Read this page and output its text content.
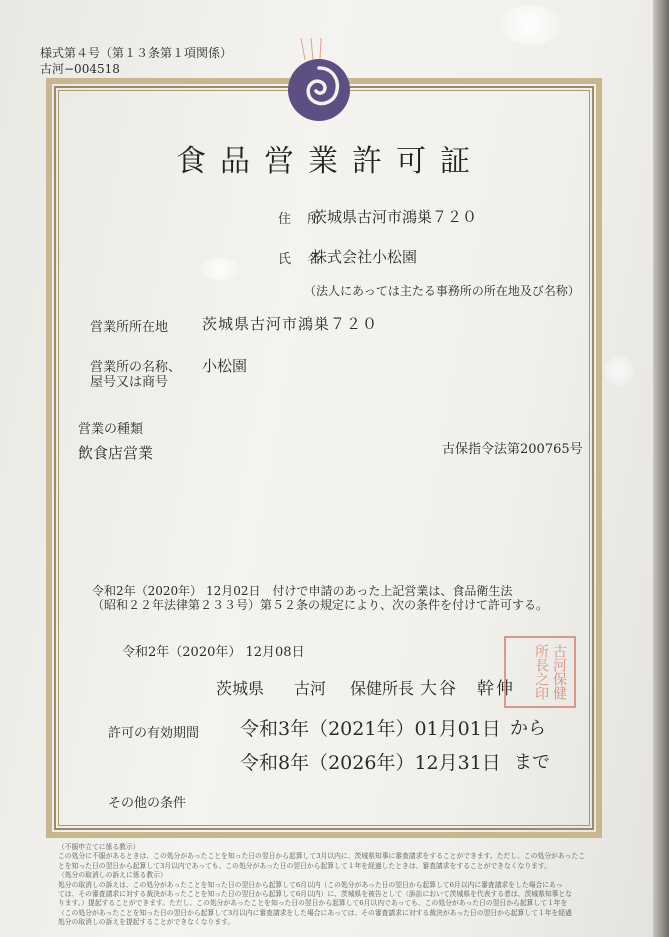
様式第４号（第１３条第１項関係）
古河−004518
食品営業許可証
住 所
茨城県古河市鴻巣７２０
氏 名
株式会社小松園
（法人にあっては主たる事務所の所在地及び名称）
営業所所在地 茨城県古河市鴻巣７２０
営業所の名称、
屋号又は商号
小松園
営業の種類
飲食店営業	古保指令法第200765号
令和2年（2020年） 12月02日　付けで申請のあった上記営業は、食品衛生法
（昭和２２年法律第２３３号）第５２条の規定により、次の条件を付けて許可する。
令和2年（2020年） 12月08日
茨城県 古河 保健所長 大谷　幹伸	古河保健所長之印
許可の有効期間 令和3年（2021年）01月01日 から
令和8年（2026年）12月31日 まで
その他の条件

（不服申立てに係る教示）

この処分に不服があるときは、この処分があったことを知った日の翌日から起算して3月以内に、茨城県知事に審査請求をすることができます。ただし、この処分があったこ

とを知った日の翌日から起算して3月以内であっても、この処分があった日の翌日から起算して１年を経過したときは、審査請求をすることができなくなります。

（処分の取消しの訴えに係る教示）

処分の取消しの訴えは、この処分があったことを知った日の翌日から起算して6月以内（この処分があった日の翌日から起算して6月以内に審査請求をした場合にあっ

ては、その審査請求に対する裁決があったことを知った日の翌日から起算して6月以内）に、茨城県を被告として（訴訟において茨城県を代表する者は、茨城県知事とな

ります。）提起することができます。ただし、この処分があったことを知った日の翌日から起算して6月以内であっても、この処分があった日の翌日から起算して１年を

（この処分があったことを知った日の翌日から起算して3月以内に審査請求をした場合にあっては、その審査請求に対する裁決があった日の翌日から起算して１年を経過

処分の取消しの訴えを提起することができなくなります。
